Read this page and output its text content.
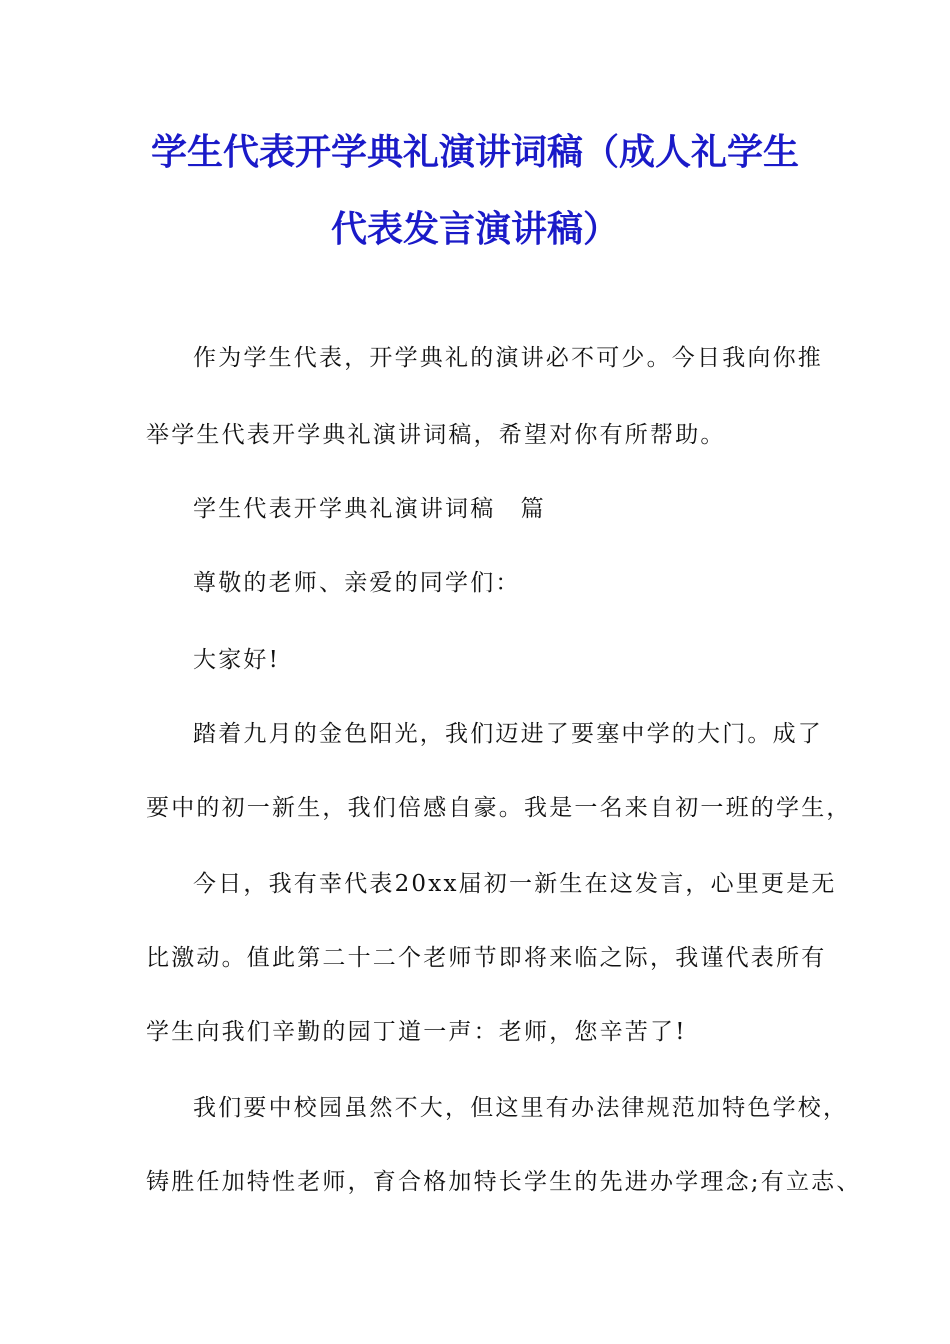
学生代表开学典礼演讲词稿（成人礼学生
代表发言演讲稿）
作为学生代表，开学典礼的演讲必不可少。今日我向你推
举学生代表开学典礼演讲词稿，希望对你有所帮助。
学生代表开学典礼演讲词稿　篇
尊敬的老师、亲爱的同学们：
大家好!
踏着九月的金色阳光，我们迈进了要塞中学的大门。成了
要中的初一新生，我们倍感自豪。我是一名来自初一班的学生，
今日，我有幸代表20xx届初一新生在这发言，心里更是无
比激动。值此第二十二个老师节即将来临之际，我谨代表所有
学生向我们辛勤的园丁道一声：老师，您辛苦了!
我们要中校园虽然不大，但这里有办法律规范加特色学校，
铸胜任加特性老师，育合格加特长学生的先进办学理念;有立志、
